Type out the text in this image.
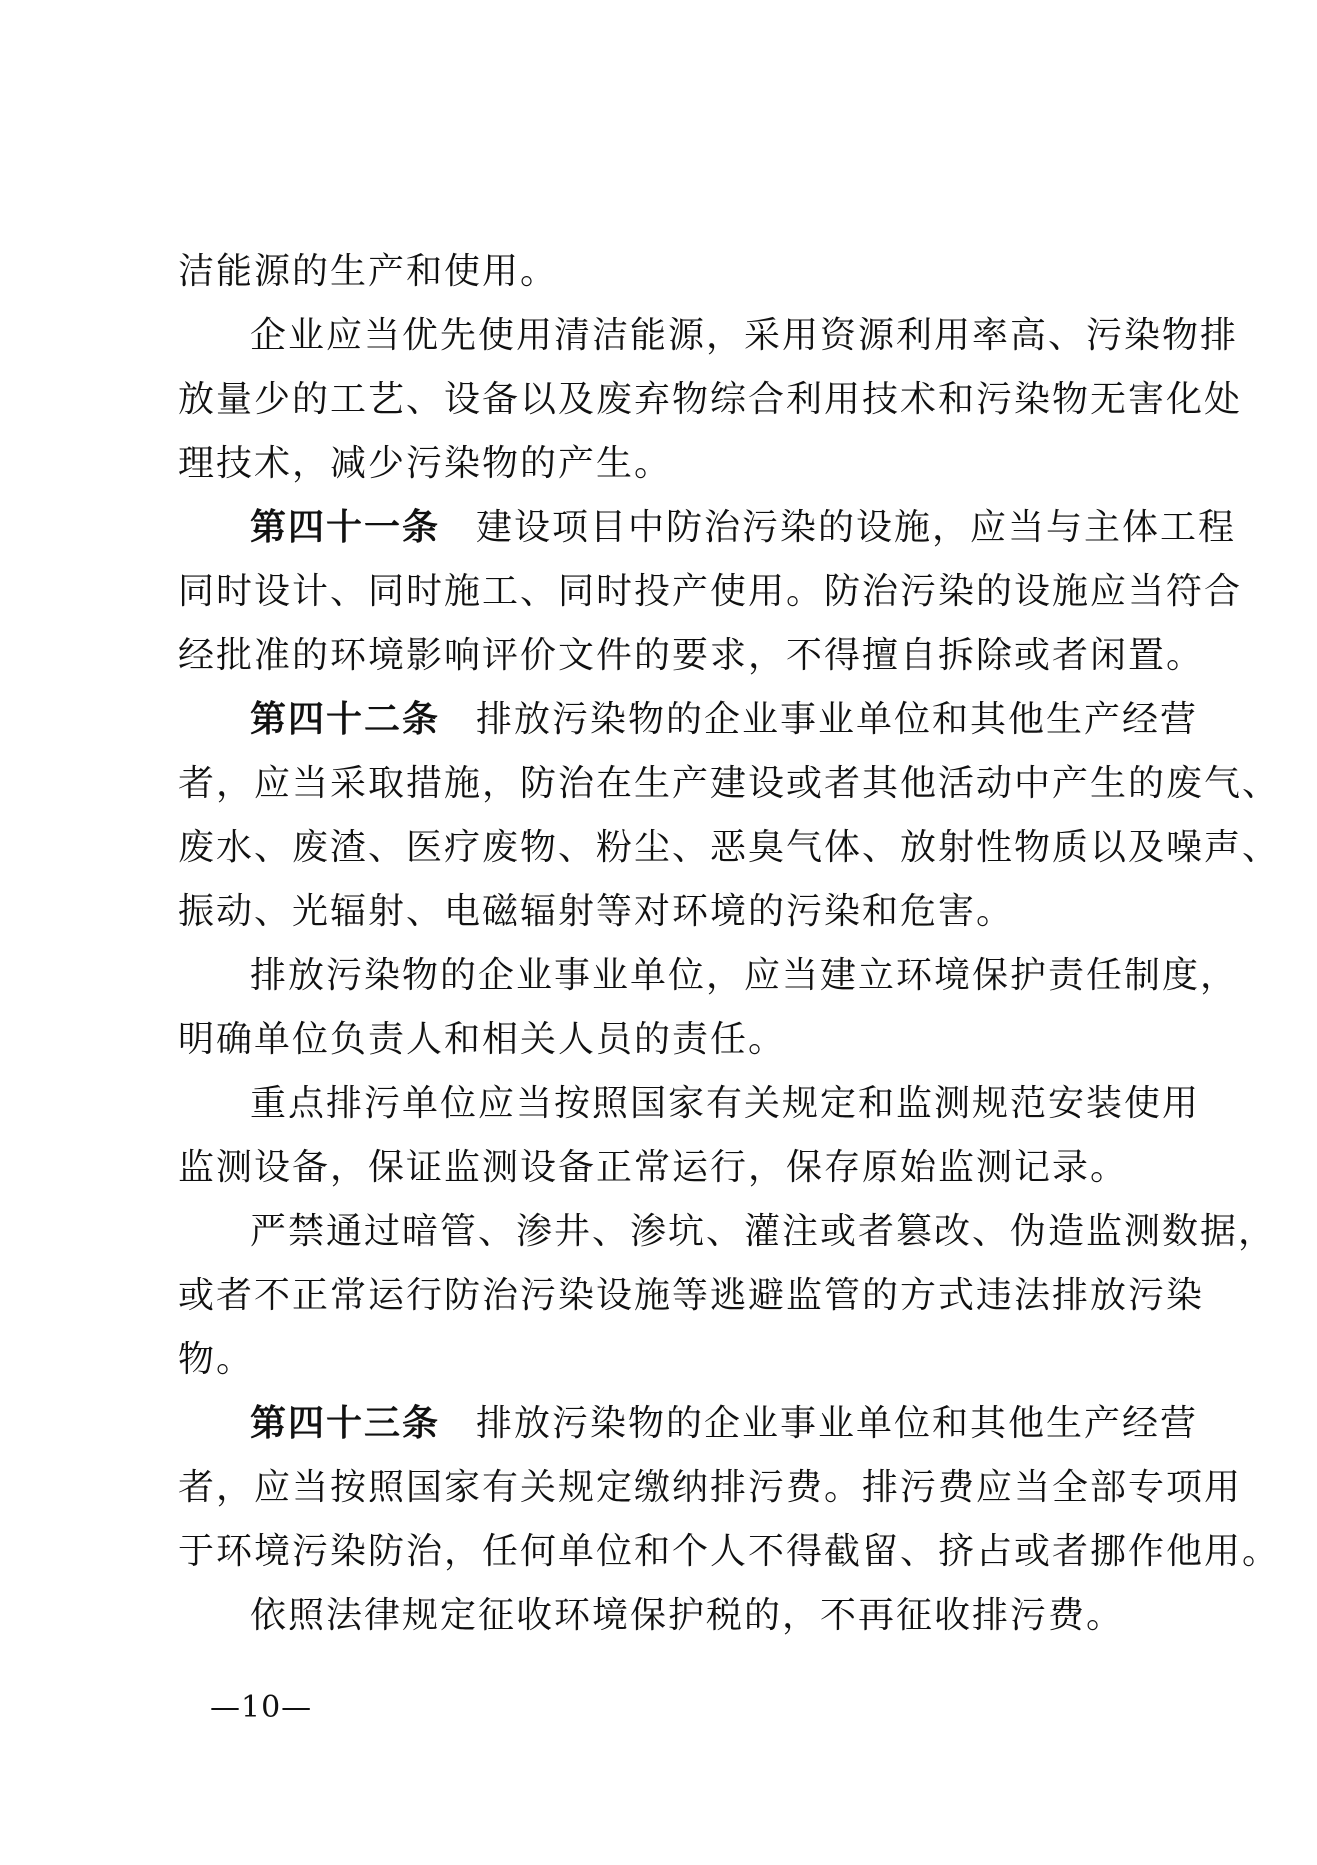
洁能源的生产和使用。
企业应当优先使用清洁能源，采用资源利用率高、污染物排
放量少的工艺、设备以及废弃物综合利用技术和污染物无害化处
理技术，减少污染物的产生。
第四十一条 建设项目中防治污染的设施，应当与主体工程
同时设计、同时施工、同时投产使用。防治污染的设施应当符合
经批准的环境影响评价文件的要求，不得擅自拆除或者闲置。
第四十二条 排放污染物的企业事业单位和其他生产经营
者，应当采取措施，防治在生产建设或者其他活动中产生的废气、
废水、废渣、医疗废物、粉尘、恶臭气体、放射性物质以及噪声、
振动、光辐射、电磁辐射等对环境的污染和危害。
排放污染物的企业事业单位，应当建立环境保护责任制度，
明确单位负责人和相关人员的责任。
重点排污单位应当按照国家有关规定和监测规范安装使用
监测设备，保证监测设备正常运行，保存原始监测记录。
严禁通过暗管、渗井、渗坑、灌注或者篡改、伪造监测数据，
或者不正常运行防治污染设施等逃避监管的方式违法排放污染
物。
第四十三条 排放污染物的企业事业单位和其他生产经营
者，应当按照国家有关规定缴纳排污费。排污费应当全部专项用
于环境污染防治，任何单位和个人不得截留、挤占或者挪作他用。
依照法律规定征收环境保护税的，不再征收排污费。
—10—
